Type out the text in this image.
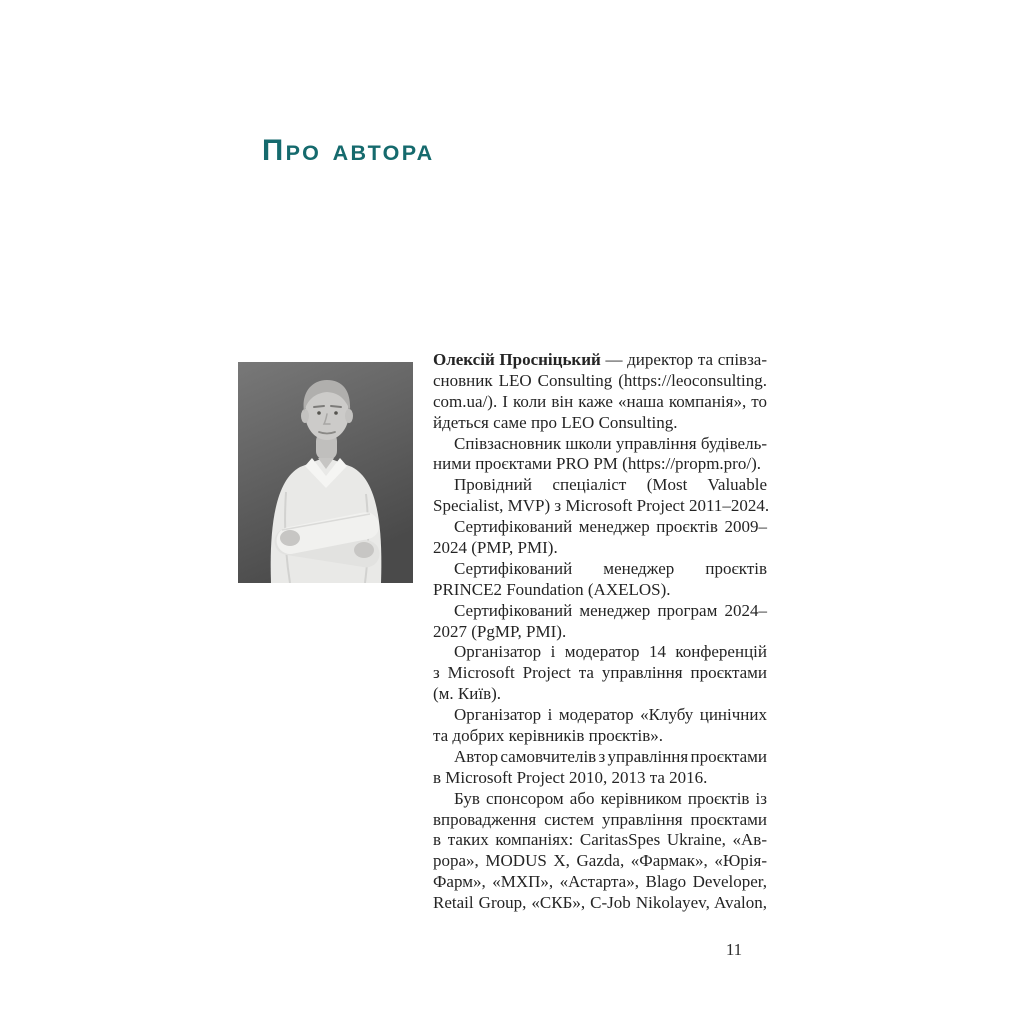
ПРО АВТОРА
Олексій Просніцький — директор та співза-
сновник LEO Consulting (https://leoconsulting.
com.ua/). І коли він каже «наша компанія», то
йдеться саме про LEO Consulting.
Співзасновник школи управління будівель-
ними проєктами PRO PM (https://propm.pro/).
Провідний спеціаліст (Most Valuable
Specialist, MVP) з Microsoft Project 2011–2024.
Сертифікований менеджер проєктів 2009–
2024 (PMP, PMI).
Сертифікований менеджер проєктів
PRINCE2 Foundation (AXELOS).
Сертифікований менеджер програм 2024–
2027 (PgMP, PMI).
Організатор і модератор 14 конференцій
з Microsoft Project та управління проєктами
(м. Київ).
Організатор і модератор «Клубу цинічних
та добрих керівників проєктів».
Автор самовчителів з управління проєктами
в Microsoft Project 2010, 2013 та 2016.
Був спонсором або керівником проєктів із
впровадження систем управління проєктами
в таких компаніях: CaritasSpes Ukraine, «Ав-
рора», MODUS X, Gazda, «Фармак», «Юрія-
Фарм», «МХП», «Астарта», Blago Developer,
Retail Group, «СКБ», C-Job Nikolayev, Avalon,
11
